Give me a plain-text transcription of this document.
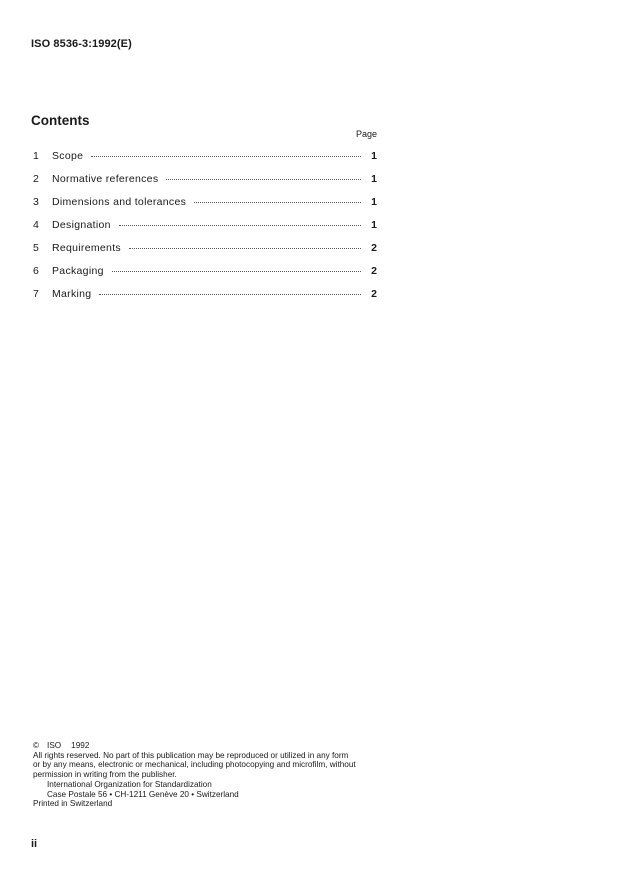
ISO 8536-3:1992(E)
Contents
Page
1	Scope	1
2	Normative references	1
3	Dimensions and tolerances	1
4	Designation	1
5	Requirements	2
6	Packaging	2
7	Marking	2

© ISO 1992

All rights reserved. No part of this publication may be reproduced or utilized in any form

or by any means, electronic or mechanical, including photocopying and microfilm, without

permission in writing from the publisher.

International Organization for Standardization

Case Postale 56 • CH-1211 Genève 20 • Switzerland

Printed in Switzerland

ii
